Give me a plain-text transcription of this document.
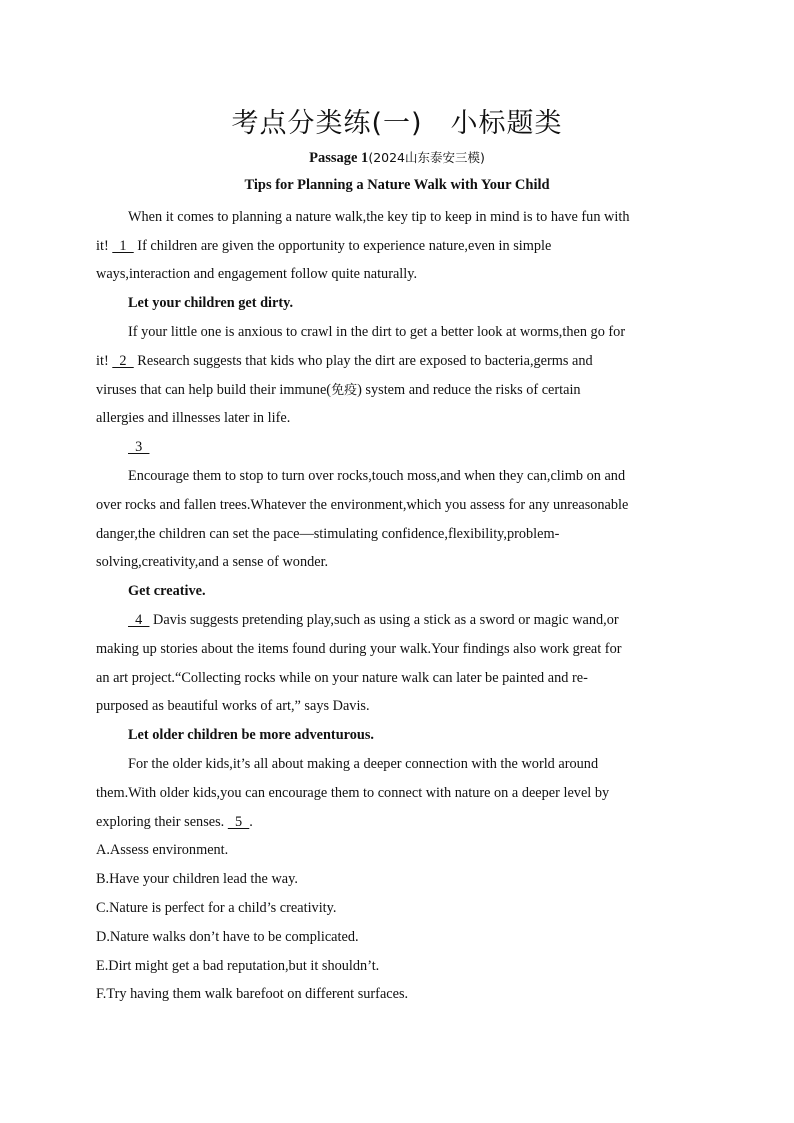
考点分类练(一)　小标题类
Passage 1(2024山东泰安三模)
Tips for Planning a Nature Walk with Your Child
When it comes to planning a nature walk,the key tip to keep in mind is to have fun with
it!   1   If children are given the opportunity to experience nature,even in simple
ways,interaction and engagement follow quite naturally.
Let your children get dirty.
If your little one is anxious to crawl in the dirt to get a better look at worms,then go for
it!   2   Research suggests that kids who play the dirt are exposed to bacteria,germs and
viruses that can help build their immune(免疫) system and reduce the risks of certain
allergies and illnesses later in life.
3
Encourage them to stop to turn over rocks,touch moss,and when they can,climb on and
over rocks and fallen trees.Whatever the environment,which you assess for any unreasonable
danger,the children can set the pace—stimulating confidence,flexibility,problem-
solving,creativity,and a sense of wonder.
Get creative.
4   Davis suggests pretending play,such as using a stick as a sword or magic wand,or
making up stories about the items found during your walk.Your findings also work great for
an art project.“Collecting rocks while on your nature walk can later be painted and re-
purposed as beautiful works of art,” says Davis.
Let older children be more adventurous.
For the older kids,it’s all about making a deeper connection with the world around
them.With older kids,you can encourage them to connect with nature on a deeper level by
exploring their senses.   5  .
A.Assess environment.
B.Have your children lead the way.
C.Nature is perfect for a child’s creativity.
D.Nature walks don’t have to be complicated.
E.Dirt might get a bad reputation,but it shouldn’t.
F.Try having them walk barefoot on different surfaces.
